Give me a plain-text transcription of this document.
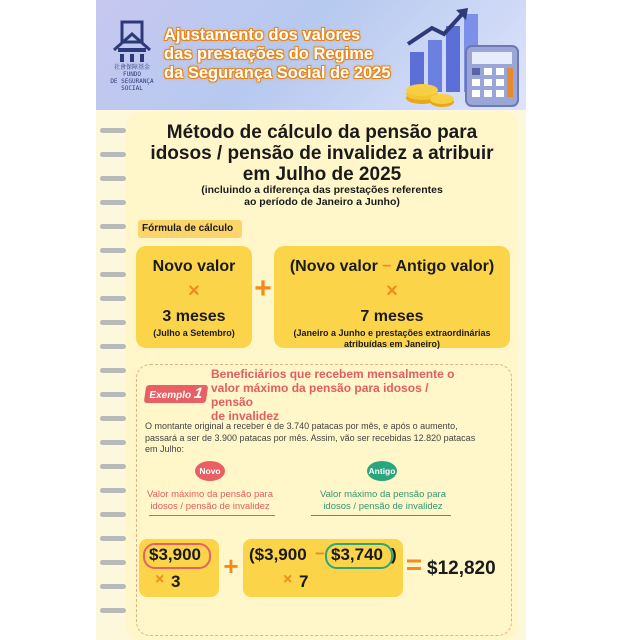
社會保障基金
FUNDO
DE SEGURANÇA
SOCIAL
Ajustamento dos valores
das prestações do Regime
da Segurança Social de 2025
Método de cálculo da pensão para
idosos / pensão de invalidez a atribuir
em Julho de 2025
(incluindo a diferença das prestações referentes
ao período de Janeiro a Junho)
Fórmula de cálculo
Novo valor
×
3 meses
(Julho a Setembro)
+
(Novo valor − Antigo valor)
×
7 meses
(Janeiro a Junho e prestações extraordinárias
atribuídas em Janeiro)
Exemplo 1
Beneficiários que recebem mensalmente o
valor máximo da pensão para idosos / pensão
de invalidez
O montante original a receber é de 3.740 patacas por mês, e após o aumento,
passará a ser de 3.900 patacas por mês. Assim, vão ser recebidas 12.820 patacas
em Julho:
Novo	Antigo
Valor máximo da pensão para
idosos / pensão de invalidez
Valor máximo da pensão para
idosos / pensão de invalidez
$3,900
× 3
+ ($3,900 − $3,740 )
× 7
= $12,820
